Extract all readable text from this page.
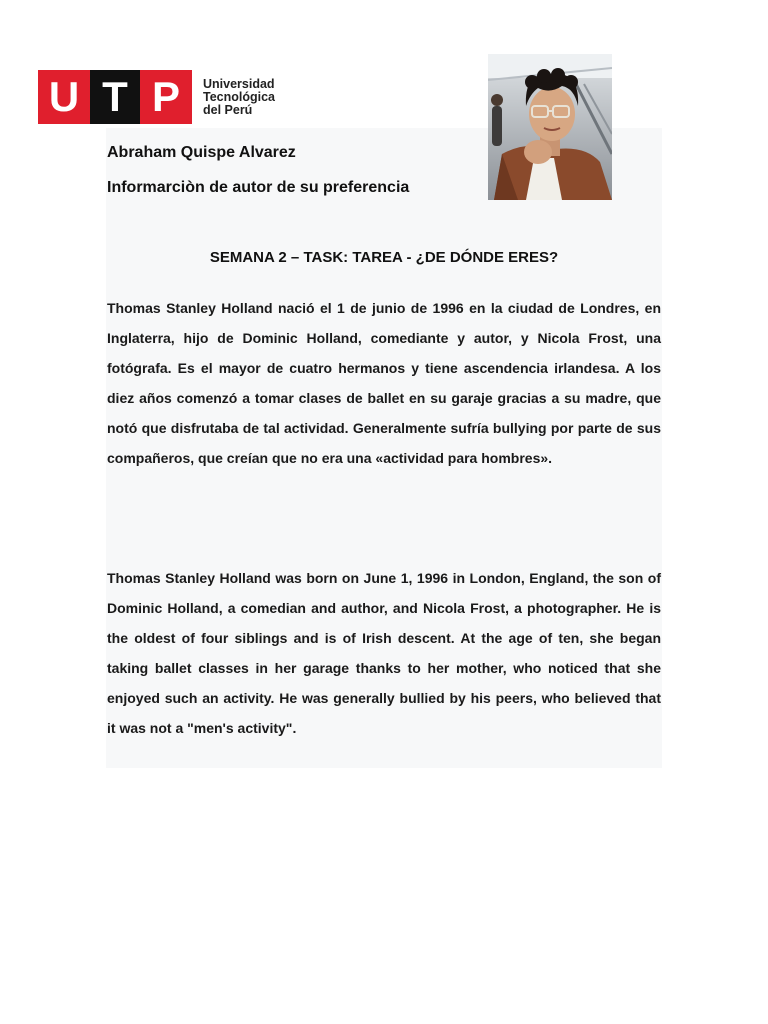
U T P	Universidad
Tecnológica
del Perú

Abraham Quispe Alvarez

Informarciòn de autor de su preferencia

SEMANA 2 – TASK: TAREA - ¿DE DÓNDE ERES?

Thomas Stanley Holland nació el 1 de junio de 1996 en la ciudad de Londres, en Inglaterra, hijo de Dominic Holland, comediante y autor, y Nicola Frost, una fotógrafa. Es el mayor de cuatro hermanos y tiene ascendencia irlandesa. A los diez años comenzó a tomar clases de ballet en su garaje gracias a su madre, que notó que disfrutaba de tal actividad. Generalmente sufría bullying por parte de sus compañeros, que creían que no era una «actividad para hombres».

Thomas Stanley Holland was born on June 1, 1996 in London, England, the son of Dominic Holland, a comedian and author, and Nicola Frost, a photographer. He is the oldest of four siblings and is of Irish descent. At the age of ten, she began taking ballet classes in her garage thanks to her mother, who noticed that she enjoyed such an activity. He was generally bullied by his peers, who believed that it was not a "men's activity".
